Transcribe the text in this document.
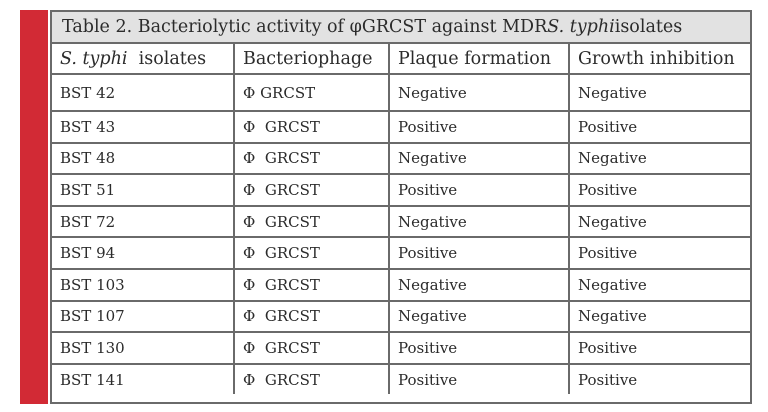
Table 2. Bacteriolytic activity of φGRCST against MDR S. typhi isolates
S. typhi  isolates	Bacteriophage	Plaque formation	Growth inhibition
BST 42	Φ GRCST	Negative	Negative
BST 43	Φ  GRCST	Positive	Positive
BST 48	Φ  GRCST	Negative	Negative
BST 51	Φ  GRCST	Positive	Positive
BST 72	Φ  GRCST	Negative	Negative
BST 94	Φ  GRCST	Positive	Positive
BST 103	Φ  GRCST	Negative	Negative
BST 107	Φ  GRCST	Negative	Negative
BST 130	Φ  GRCST	Positive	Positive
BST 141	Φ  GRCST	Positive	Positive
